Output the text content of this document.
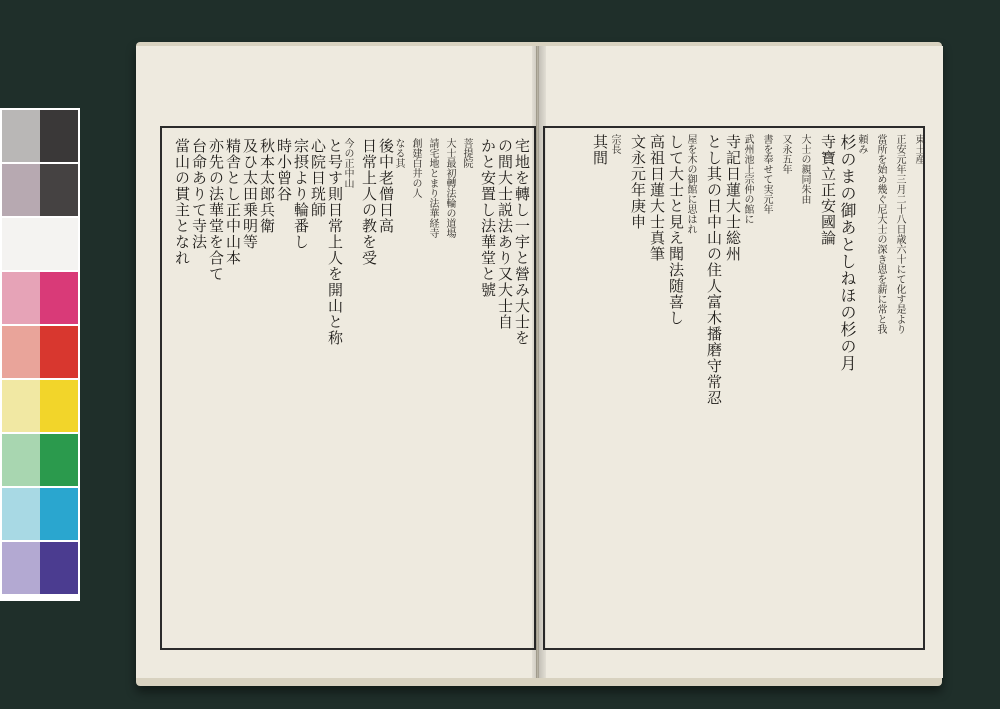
宅地を轉し一宇と營み大士を
の間大士説法あり又大士自
かと安置し法華堂と號
菩提院
大士最初轉法輪の道場
請宅地とまり法華経寺
創建白井の人
なる其
後中老僧日高
日常上人の教を受
今の正中山
と号す則日常上人を開山と称
心院日珖師
宗摂より輪番し
時小曾谷
秋本太郎兵衛
及ひ太田乗明等
精舎とし正中山本
亦先の法華堂を合て
台命ありて寺法
當山の貫主となれ	東土産
正安元年三月二十八日歳六十にて化す是より
當所を始め幾ぐ尼大士の深き恩を薪に常と我
頼み
杉のまの御あとしねほの杉の月
寺寶立正安國論
大士の親同朱由
又永五年
書を奉せて実元年
武州池上宗仲の館に
寺記日蓮大士総州
とし其の日中山の住人富木播磨守常忍
屋を木の御館に思はれ
して大士と見え聞法随喜し
高祖日蓮大士真筆
文永元年庚申
宗長
其間
